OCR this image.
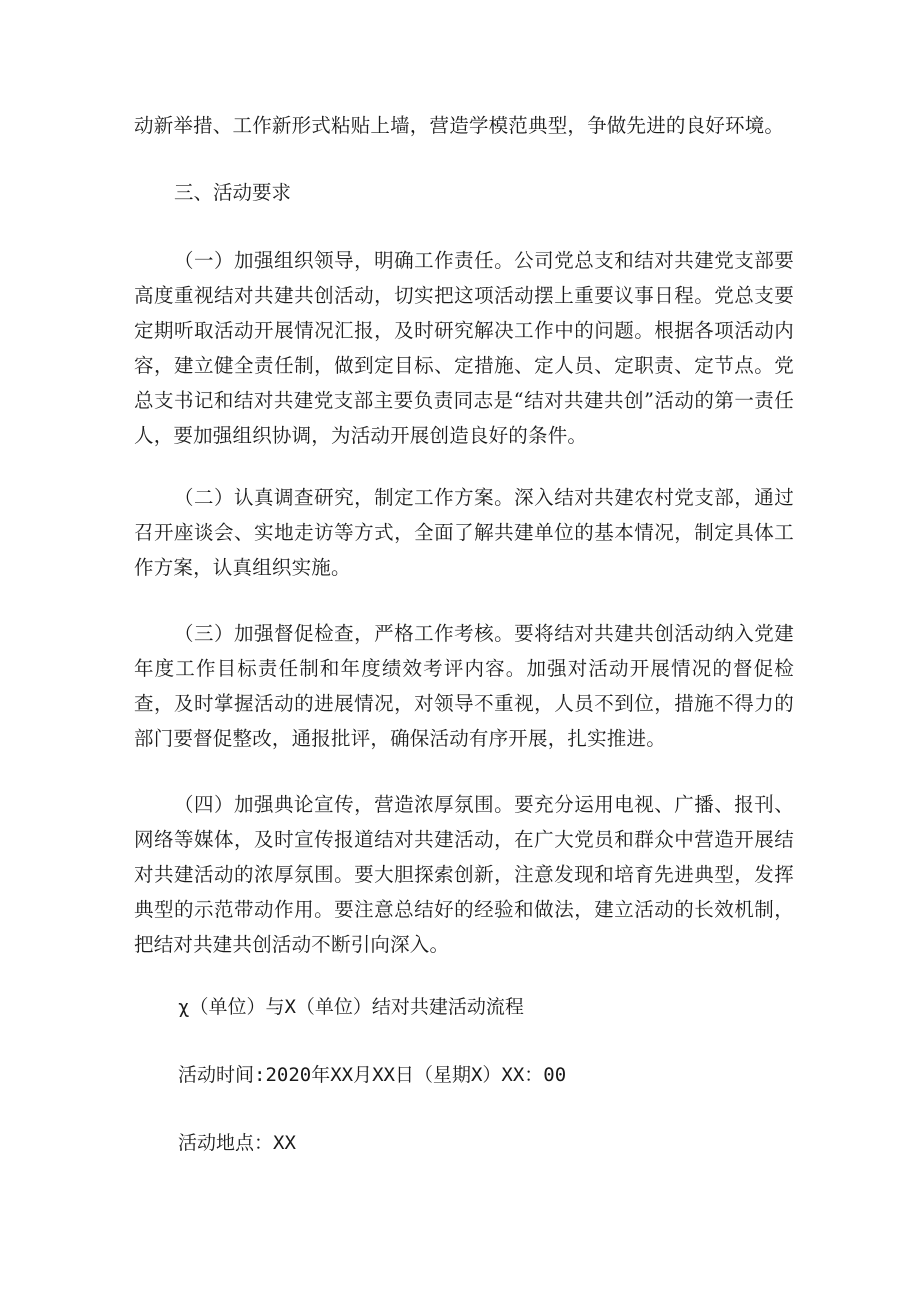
动新举措、工作新形式粘贴上墙，营造学模范典型，争做先进的良好环境。

三、活动要求

（一）加强组织领导，明确工作责任。公司党总支和结对共建党支部要高度重视结对共建共创活动，切实把这项活动摆上重要议事日程。党总支要定期听取活动开展情况汇报，及时研究解决工作中的问题。根据各项活动内容，建立健全责任制，做到定目标、定措施、定人员、定职责、定节点。党总支书记和结对共建党支部主要负责同志是“结对共建共创”活动的第一责任人，要加强组织协调，为活动开展创造良好的条件。

（二）认真调查研究，制定工作方案。深入结对共建农村党支部，通过召开座谈会、实地走访等方式，全面了解共建单位的基本情况，制定具体工作方案，认真组织实施。

（三）加强督促检查，严格工作考核。要将结对共建共创活动纳入党建年度工作目标责任制和年度绩效考评内容。加强对活动开展情况的督促检查，及时掌握活动的进展情况，对领导不重视，人员不到位，措施不得力的部门要督促整改，通报批评，确保活动有序开展，扎实推进。

（四）加强典论宣传，营造浓厚氛围。要充分运用电视、广播、报刊、网络等媒体，及时宣传报道结对共建活动，在广大党员和群众中营造开展结对共建活动的浓厚氛围。要大胆探索创新，注意发现和培育先进典型，发挥典型的示范带动作用。要注意总结好的经验和做法，建立活动的长效机制，把结对共建共创活动不断引向深入。

χ（单位）与X（单位）结对共建活动流程

活动时间:2020年XX月XX日（星期X）XX：00

活动地点：XX
